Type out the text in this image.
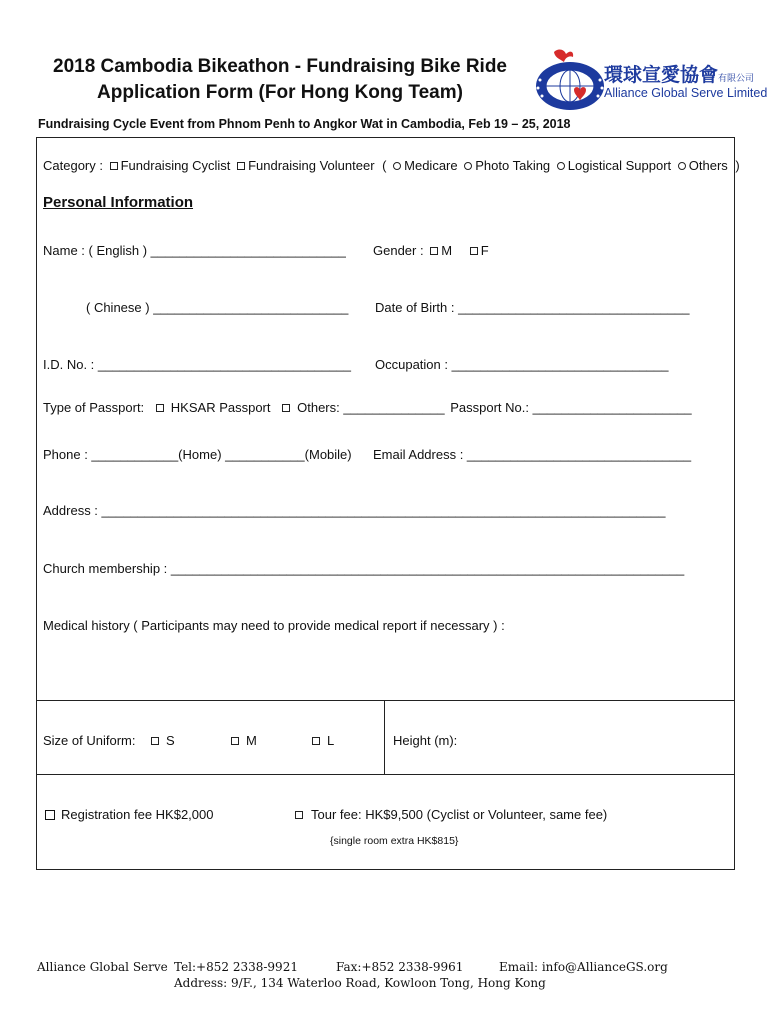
2018 Cambodia Bikeathon - Fundraising Bike Ride
Application Form (For Hong Kong Team)
環球宣愛協會有限公司
Alliance Global Serve Limited
Fundraising Cycle Event from Phnom Penh to Angkor Wat in Cambodia, Feb 19 – 25, 2018
Category : Fundraising Cyclist Fundraising Volunteer ( Medicare Photo Taking Logistical Support Others )
Personal Information
Name : ( English ) ___________________________ Gender : M F
( Chinese ) ___________________________ Date of Birth : ________________________________
I.D. No. : ___________________________________ Occupation : ______________________________
Type of Passport: HKSAR Passport Others: ______________ Passport No.: ______________________
Phone : ____________(Home) ___________(Mobile) Email Address : _______________________________
Address : ______________________________________________________________________________
Church membership : _______________________________________________________________________
Medical history ( Participants may need to provide medical report if necessary ) :
Size of Uniform:	S	M	L	Height (m):
Registration fee HK$2,000	Tour fee: HK$9,500 (Cyclist or Volunteer, same fee)
{single room extra HK$815}
Alliance Global Serve Tel:+852 2338-9921	Fax:+852 2338-9961	Email: info@AllianceGS.org
Address: 9/F., 134 Waterloo Road, Kowloon Tong, Hong Kong
